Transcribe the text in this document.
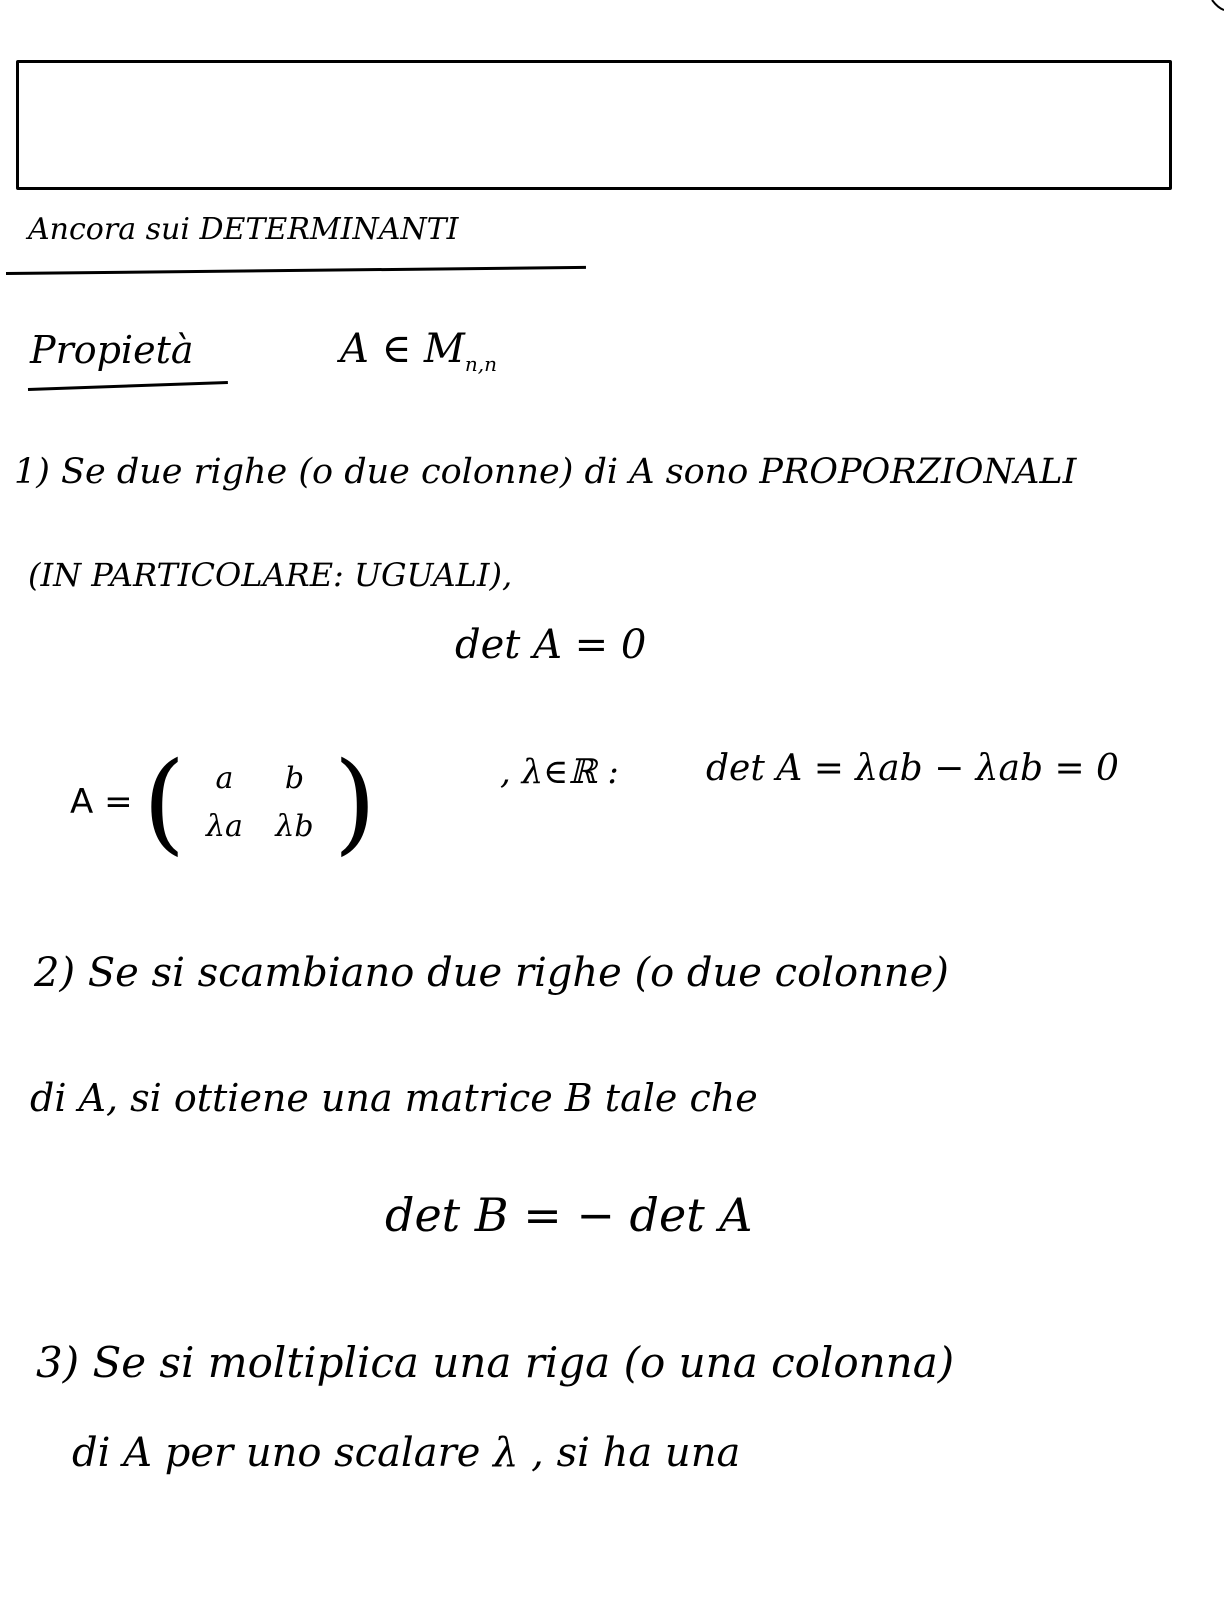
Ancora sui DETERMINANTI
Propietà	A ∈ $M_{n,n}$
1) Se due righe (o due colonne) di A sono PROPORZIONALI
(IN PARTICOLARE: UGUALI),
det A = 0
A = ( a b
λa λb )	, λ∈ℝ : det A = λab − λab = 0
2) Se si scambiano due righe (o due colonne)
di A, si ottiene una matrice B tale che
det B = − det A
3) Se si moltiplica una riga (o una colonna)
di A per uno scalare λ , si ha una
